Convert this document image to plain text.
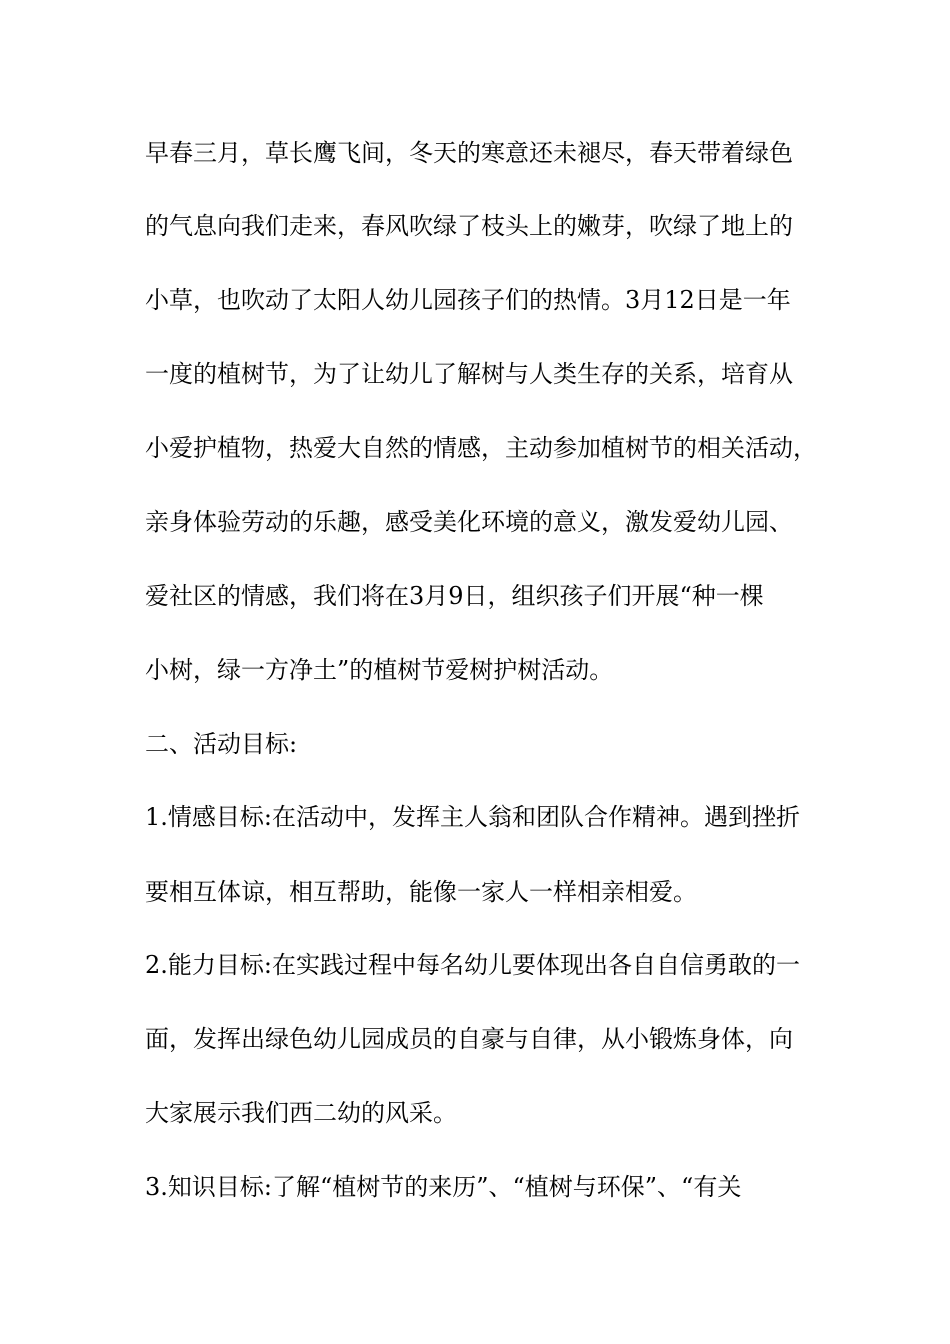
早春三月，草长鹰飞间，冬天的寒意还未褪尽，春天带着绿色

的气息向我们走来，春风吹绿了枝头上的嫩芽，吹绿了地上的

小草，也吹动了太阳人幼儿园孩子们的热情。3月12日是一年

一度的植树节，为了让幼儿了解树与人类生存的关系，培育从

小爱护植物，热爱大自然的情感，主动参加植树节的相关活动，

亲身体验劳动的乐趣，感受美化环境的意义，激发爱幼儿园、

爱社区的情感，我们将在3月9日，组织孩子们开展“种一棵

小树，绿一方净土”的植树节爱树护树活动。

二、活动目标:

1.情感目标:在活动中，发挥主人翁和团队合作精神。遇到挫折

要相互体谅，相互帮助，能像一家人一样相亲相爱。

2.能力目标:在实践过程中每名幼儿要体现出各自自信勇敢的一

面，发挥出绿色幼儿园成员的自豪与自律，从小锻炼身体，向

大家展示我们西二幼的风采。

3.知识目标:了解“植树节的来历”、“植树与环保”、“有关
